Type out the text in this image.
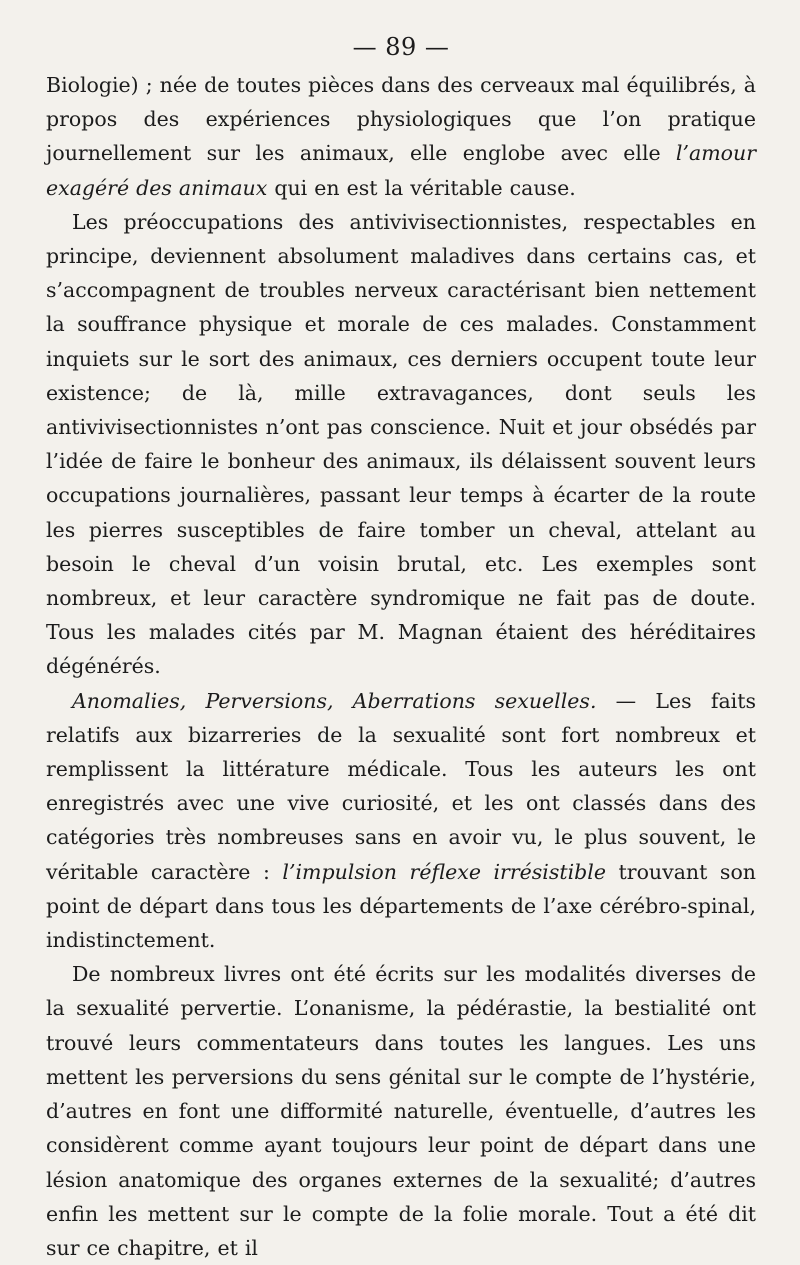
— 89 —

Biologie) ; née de toutes pièces dans des cerveaux mal équilibrés, à propos des expériences physiologiques que l’on pratique journellement sur les animaux, elle englobe avec elle l’amour exagéré des animaux qui en est la véritable cause.

Les préoccupations des antivivisectionnistes, respectables en principe, deviennent absolument maladives dans certains cas, et s’accompagnent de troubles nerveux caractérisant bien nettement la souffrance physique et morale de ces malades. Constamment inquiets sur le sort des animaux, ces derniers occupent toute leur existence; de là, mille extravagances, dont seuls les antivivisectionnistes n’ont pas conscience. Nuit et jour obsédés par l’idée de faire le bonheur des animaux, ils délaissent souvent leurs occupations journalières, passant leur temps à écarter de la route les pierres susceptibles de faire tomber un cheval, attelant au besoin le cheval d’un voisin brutal, etc. Les exemples sont nombreux, et leur caractère syndromique ne fait pas de doute. Tous les malades cités par M. Magnan étaient des héréditaires dégénérés.

Anomalies, Perversions, Aberrations sexuelles. — Les faits relatifs aux bizarreries de la sexualité sont fort nombreux et remplissent la littérature médicale. Tous les auteurs les ont enregistrés avec une vive curiosité, et les ont classés dans des catégories très nombreuses sans en avoir vu, le plus souvent, le véritable caractère : l’impulsion réflexe irrésistible trouvant son point de départ dans tous les départements de l’axe cérébro-spinal, indistinctement.

De nombreux livres ont été écrits sur les modalités diverses de la sexualité pervertie. L’onanisme, la pédérastie, la bestialité ont trouvé leurs commentateurs dans toutes les langues. Les uns mettent les perversions du sens génital sur le compte de l’hystérie, d’autres en font une difformité naturelle, éventuelle, d’autres les considèrent comme ayant toujours leur point de départ dans une lésion anatomique des organes externes de la sexualité; d’autres enfin les mettent sur le compte de la folie morale. Tout a été dit sur ce chapitre, et il
